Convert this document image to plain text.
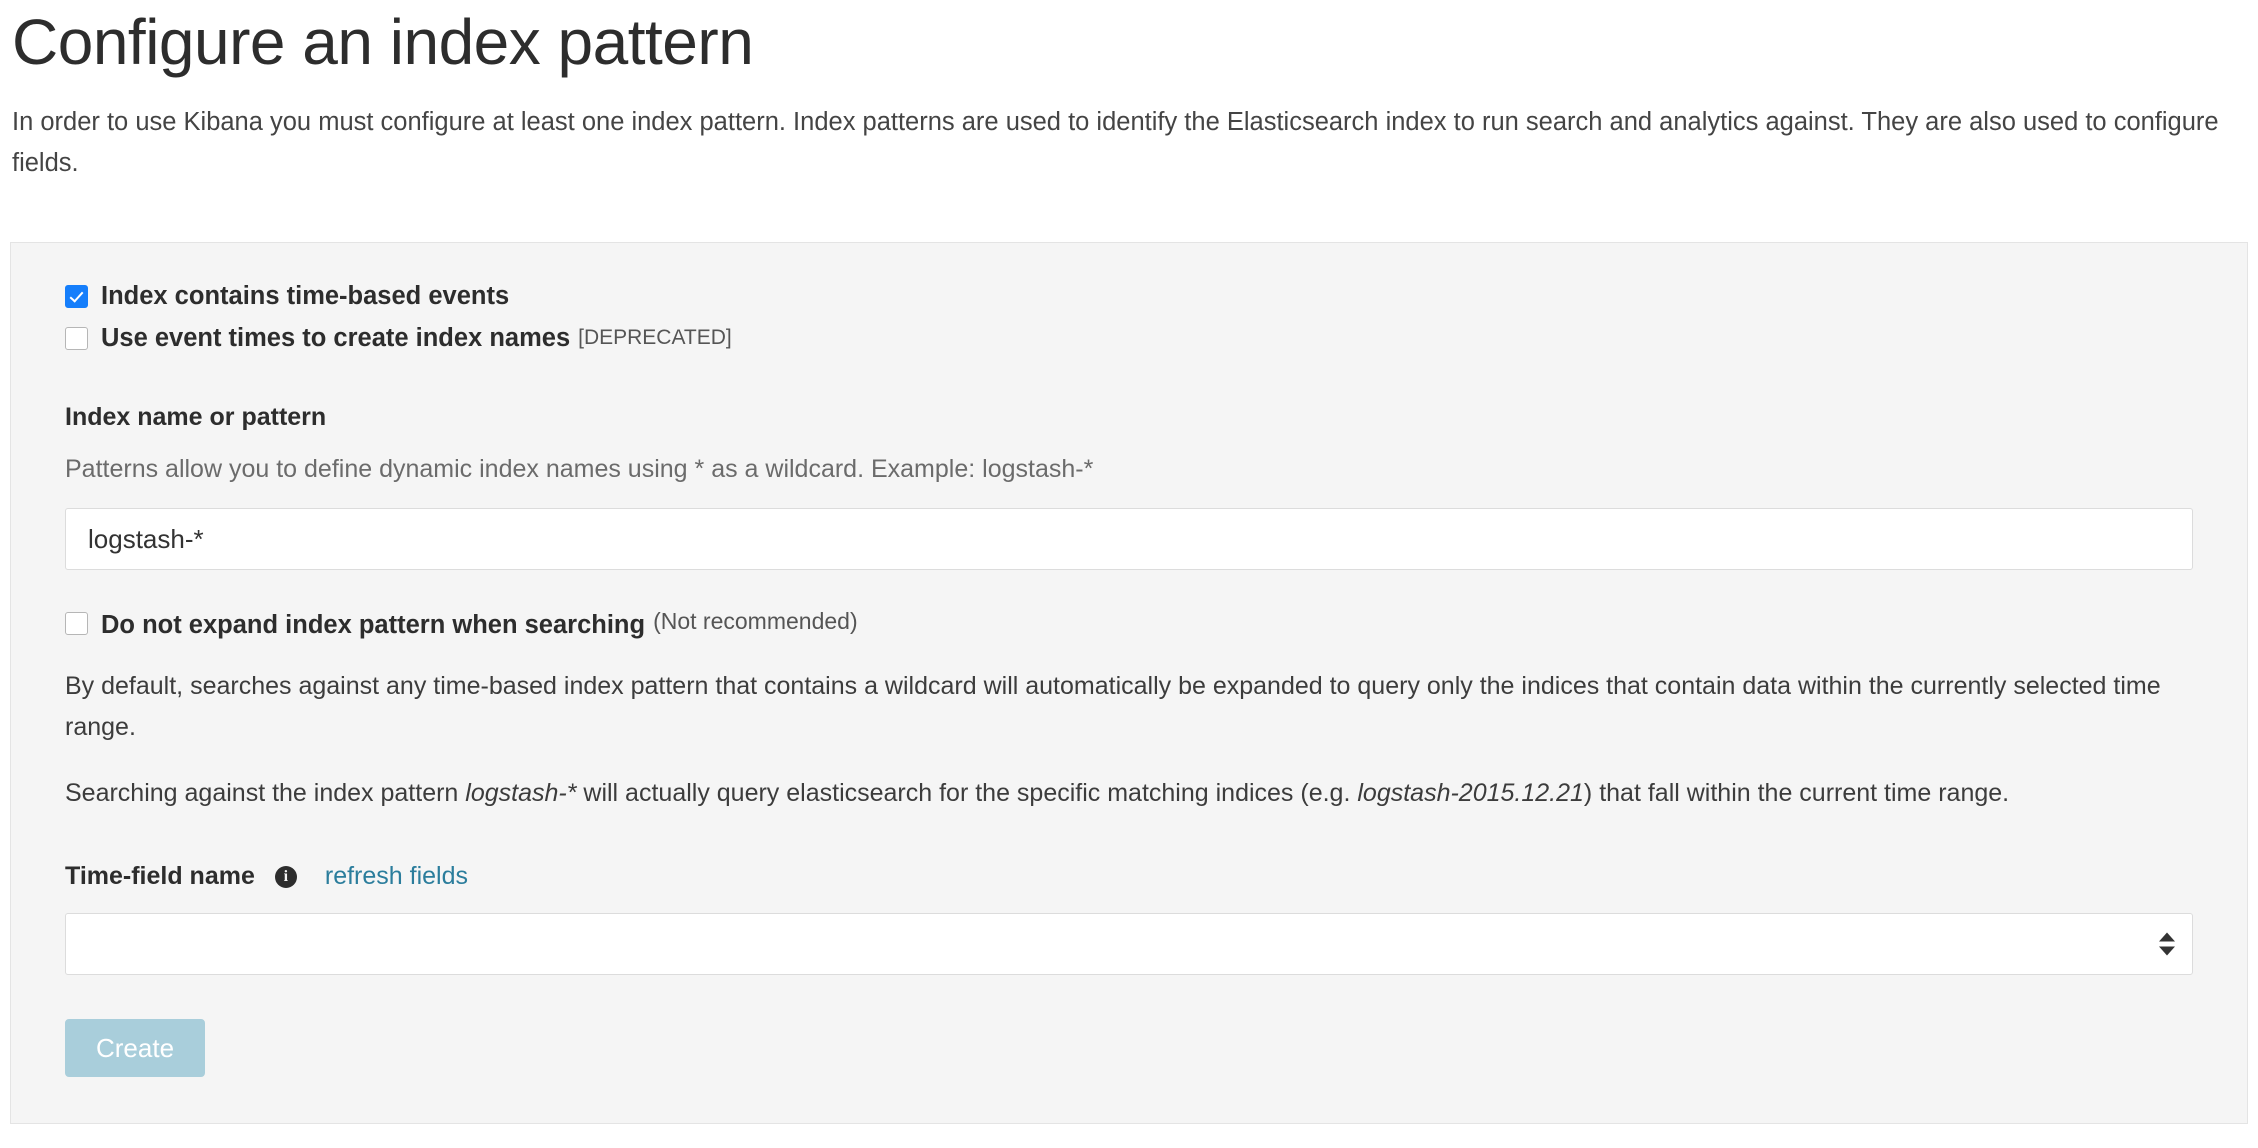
Configure an index pattern

In order to use Kibana you must configure at least one index pattern. Index patterns are used to identify the Elasticsearch index to run search and analytics against. They are also used to configure fields.

Index contains time-based events
Use event times to create index names [DEPRECATED]
Index name or pattern
Patterns allow you to define dynamic index names using * as a wildcard. Example: logstash-*
logstash-*
Do not expand index pattern when searching (Not recommended)

By default, searches against any time-based index pattern that contains a wildcard will automatically be expanded to query only the indices that contain data within the currently selected time range.

Searching against the index pattern logstash-* will actually query elasticsearch for the specific matching indices (e.g. logstash-2015.12.21) that fall within the current time range.

Time-field name	i	refresh fields
Create
